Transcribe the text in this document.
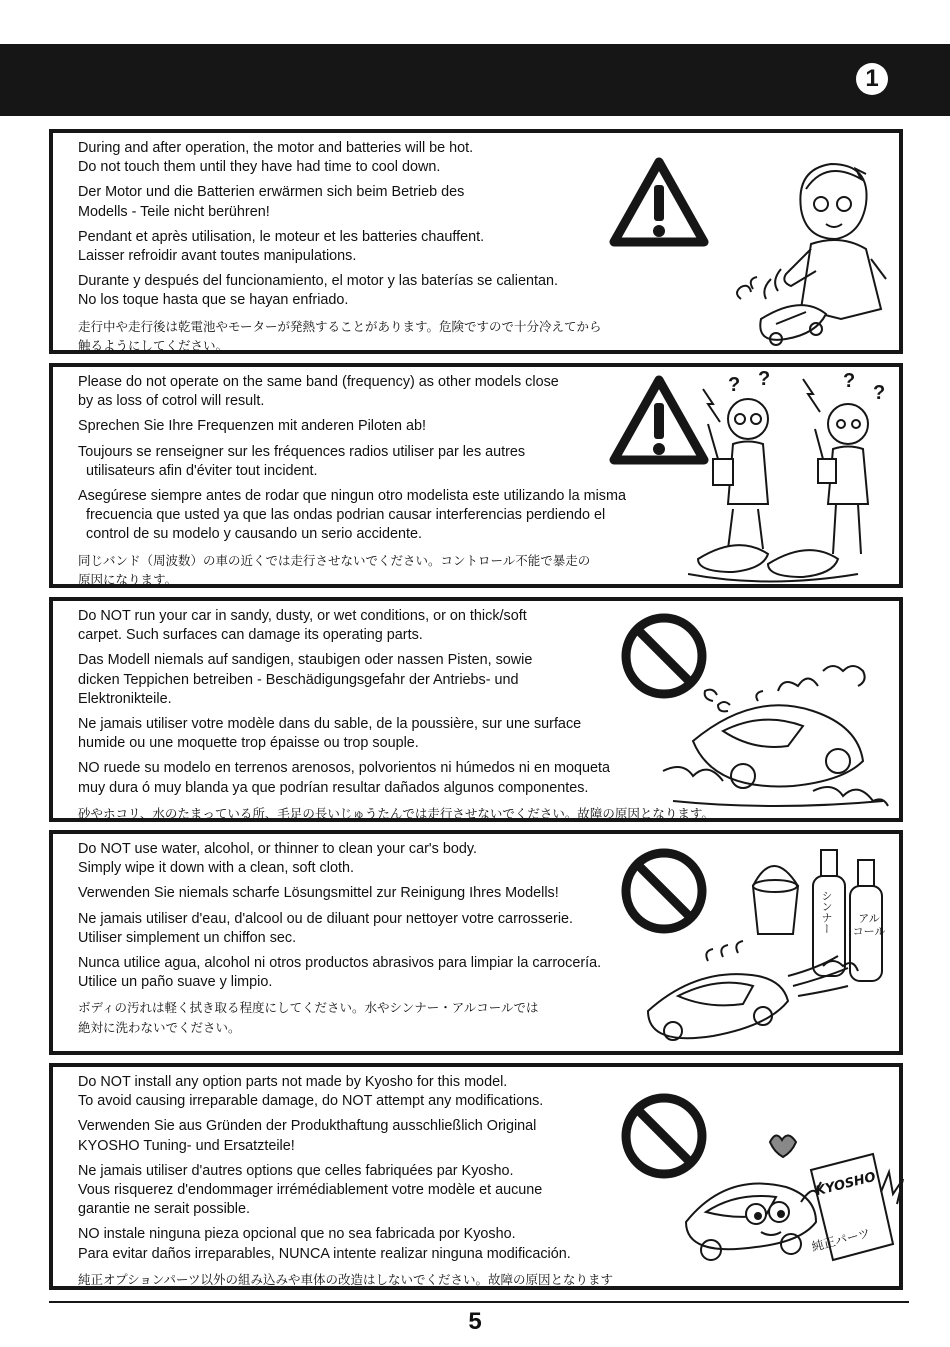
1
During and after operation, the motor and batteries will be hot.
Do not touch them until they have had time to cool down.
Der Motor und die Batterien erwärmen sich beim Betrieb des
Modells - Teile nicht berühren!
Pendant et après utilisation, le moteur et les batteries chauffent.
Laisser refroidir avant toutes manipulations.
Durante y después del funcionamiento, el motor y las baterías se calientan.
No los toque hasta que se hayan enfriado.
走行中や走行後は乾電池やモーターが発熱することがあります。危険ですので十分冷えてから
触るようにしてください。
Please do not operate on the same band (frequency) as other models close
by as loss of cotrol will result.
Sprechen Sie Ihre Frequenzen mit anderen Piloten ab!
Toujours se renseigner sur les fréquences radios utiliser par les autres
utilisateurs afin d'éviter tout incident.
Asegúrese siempre antes de rodar que ningun otro modelista este utilizando la misma
frecuencia que usted ya que las ondas podrian causar interferencias perdiendo el
control de su modelo y causando un serio accidente.
同じバンド（周波数）の車の近くでは走行させないでください。コントロール不能で暴走の
原因になります。
? ?	?
?
Do NOT run your car in sandy, dusty, or wet conditions, or on thick/soft
carpet. Such surfaces can damage its operating parts.
Das Modell niemals auf sandigen, staubigen oder nassen Pisten, sowie
dicken Teppichen betreiben - Beschädigungsgefahr der Antriebs- und
Elektronikteile.
Ne jamais utiliser votre modèle dans du sable, de la poussière, sur une surface
humide ou une moquette trop épaisse ou trop souple.
NO ruede su modelo en terrenos arenosos, polvorientos ni húmedos ni en moqueta
muy dura ó muy blanda ya que podrían resultar dañados algunos componentes.
砂やホコリ、水のたまっている所、毛足の長いじゅうたんでは走行させないでください。故障の原因となります。
Do NOT use water, alcohol, or thinner to clean your car's body.
Simply wipe it down with a clean, soft cloth.
Verwenden Sie niemals scharfe Lösungsmittel zur Reinigung Ihres Modells!
Ne jamais utiliser d'eau, d'alcool ou de diluant pour nettoyer votre carrosserie.
Utiliser simplement un chiffon sec.
Nunca utilice agua, alcohol ni otros productos abrasivos para limpiar la carrocería.
Utilice un paño suave y limpio.
ボディの汚れは軽く拭き取る程度にしてください。水やシンナー・アルコールでは
絶対に洗わないでください。
シンナー	アル
コール
Do NOT install any option parts not made by Kyosho for this model.
To avoid causing irreparable damage, do NOT attempt any modifications.
Verwenden Sie aus Gründen der Produkthaftung ausschließlich Original
KYOSHO Tuning- und Ersatzteile!
Ne jamais utiliser d'autres options que celles fabriquées par Kyosho.
Vous risquerez d'endommager irrémédiablement votre modèle et aucune
garantie ne serait possible.
NO instale ninguna pieza opcional que no sea fabricada por Kyosho.
Para evitar daños irreparables, NUNCA intente realizar ninguna modificación.
純正オプションパーツ以外の組み込みや車体の改造はしないでください。故障の原因となります
KYOSHO
純正パーツ
5
